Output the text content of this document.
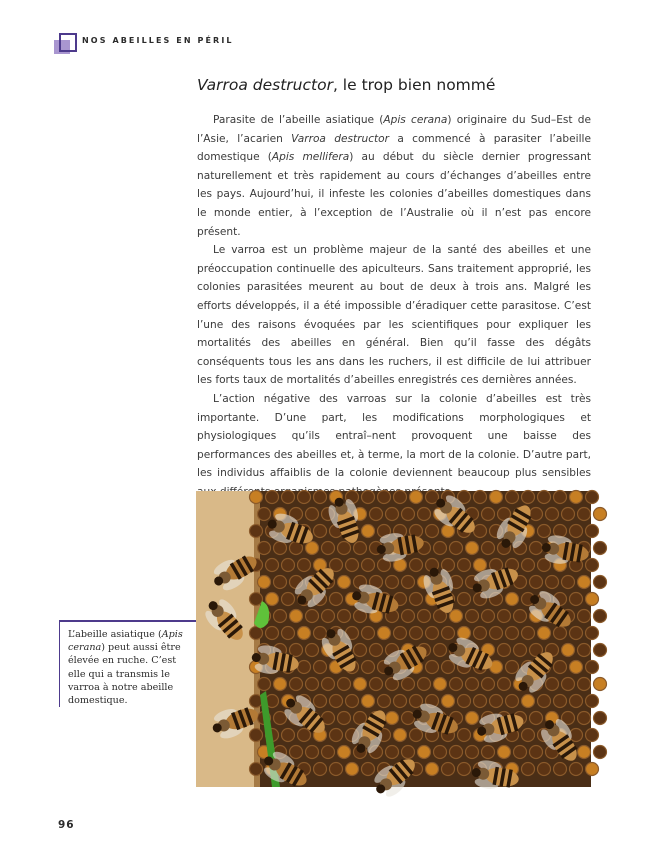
NOS ABEILLES EN PÉRIL
Varroa destructor, le trop bien nommé

Parasite de l’abeille asiatique (Apis cerana) originaire du Sud–Est de l’Asie, l’acarien Varroa destructor a commencé à parasiter l’abeille domestique (Apis mellifera) au début du siècle dernier progressant naturellement et très rapidement au cours d’échanges d’abeilles entre les pays. Aujourd’hui, il infeste les colonies d’abeilles domestiques dans le monde entier, à l’exception de l’Australie où il n’est pas encore présent.

Le varroa est un problème majeur de la santé des abeilles et une préoccupation continuelle des apiculteurs. Sans traitement approprié, les colonies parasitées meurent au bout de deux à trois ans. Malgré les efforts développés, il a été impossible d’éradiquer cette parasitose. C’est l’une des raisons évoquées par les scientifiques pour expliquer les mortalités des abeilles en général. Bien qu’il fasse des dégâts conséquents tous les ans dans les ruchers, il est difficile de lui attribuer les forts taux de mortalités d’abeilles enregistrés ces dernières années.

L’action négative des varroas sur la colonie d’abeilles est très importante. D’une part, les modifications morphologiques et physiologiques qu’ils entraî–nent provoquent une baisse des performances des abeilles et, à terme, la mort de la colonie. D’autre part, les individus affaiblis de la colonie deviennent beaucoup plus sensibles

L’abeille asiatique (Apis cerana) peut aussi être élevée en ruche. C’est elle qui a transmis le varroa à notre abeille domestique.
96
